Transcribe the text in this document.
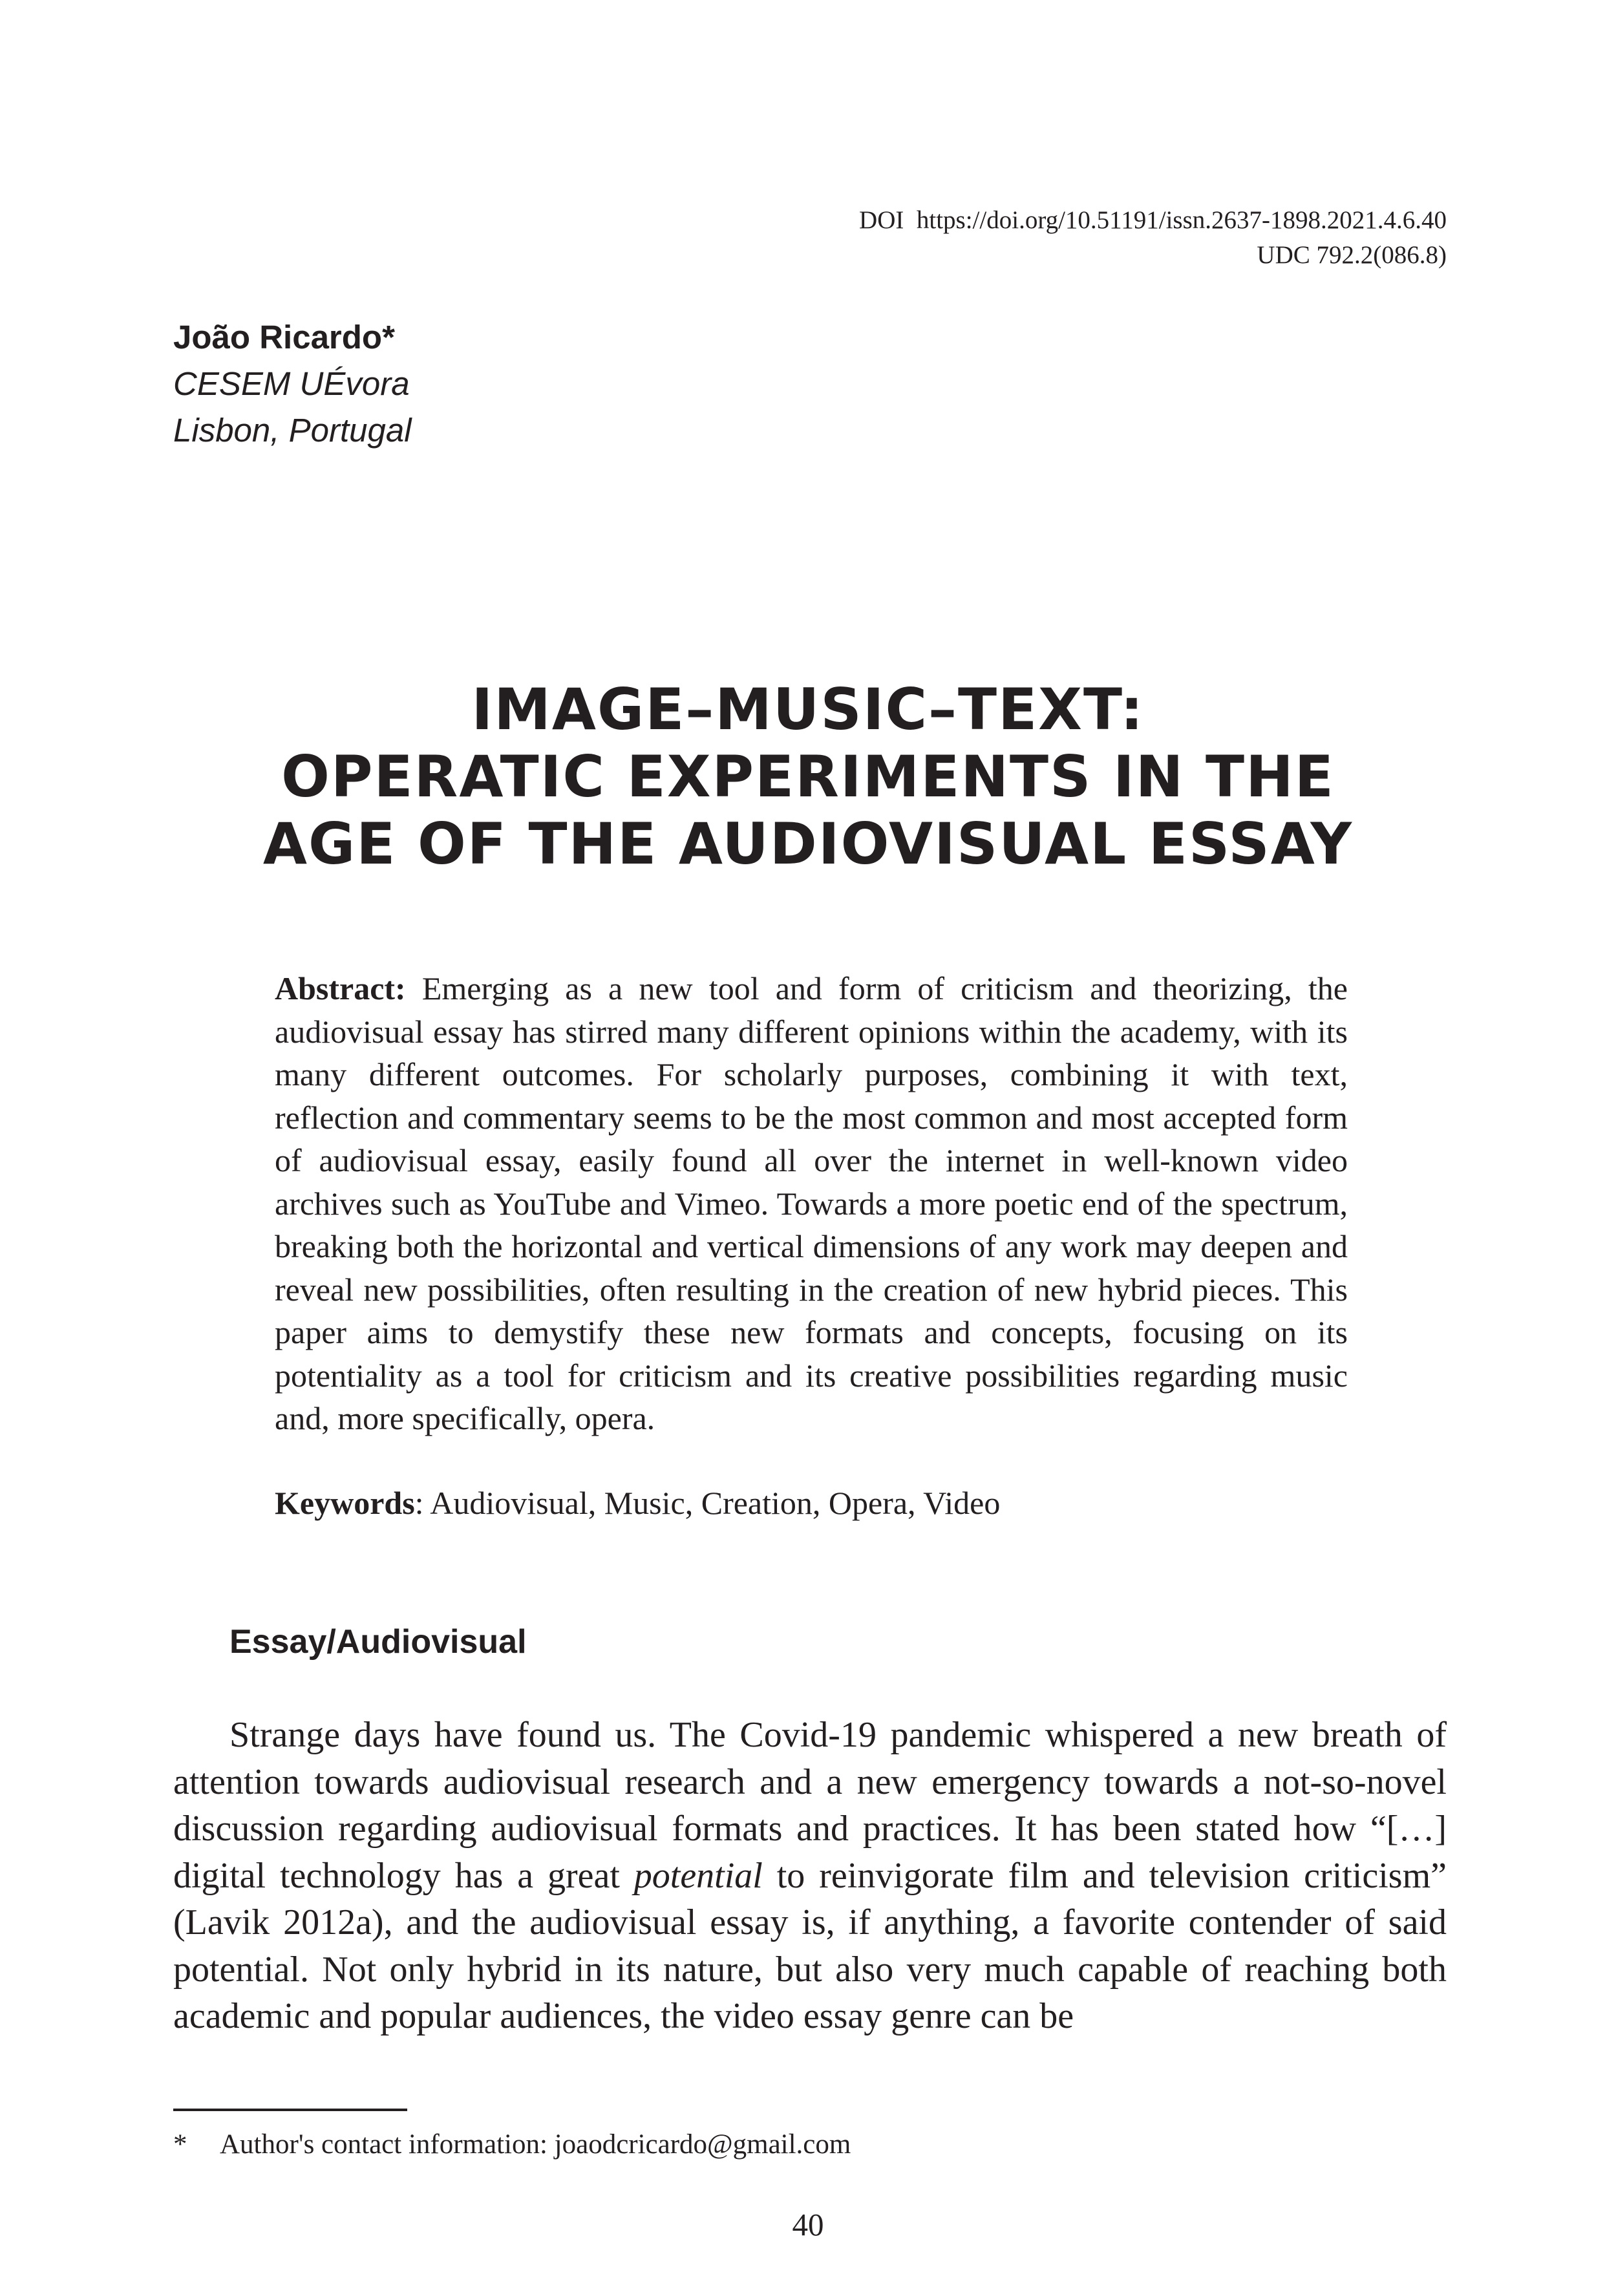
DOI https://doi.org/10.51191/issn.2637-1898.2021.4.6.40
UDC 792.2(086.8)
João Ricardo*
CESEM UÉvora
Lisbon, Portugal
IMAGE–MUSIC–TEXT:
OPERATIC EXPERIMENTS IN THE
AGE OF THE AUDIOVISUAL ESSAY
Abstract: Emerging as a new tool and form of criticism and theorizing, the audiovisual essay has stirred many different opinions within the academy, with its many different outcomes. For scholarly purposes, combining it with text, reflection and commentary seems to be the most common and most accepted form of audiovisual essay, easily found all over the internet in well-known video archives such as YouTube and Vimeo. Towards a more poetic end of the spectrum, breaking both the horizontal and vertical dimensions of any work may deepen and reveal new possibilities, often resulting in the creation of new hybrid pieces. This paper aims to demystify these new formats and concepts, focusing on its potentiality as a tool for criticism and its creative possibilities regarding music and, more specifically, opera.
Keywords: Audiovisual, Music, Creation, Opera, Video
Essay/Audiovisual

Strange days have found us. The Covid-19 pandemic whispered a new breath of attention towards audiovisual research and a new emergency towards a not-so-novel discussion regarding audiovisual formats and practices. It has been stated how “[…] digital technology has a great potential to reinvigorate film and television criticism” (Lavik 2012a), and the audiovisual essay is, if anything, a favorite contender of said potential. Not only hybrid in its nature, but also very much capable of reaching both academic and popular audiences, the video essay genre can be

* Author's contact information: joaodcricardo@gmail.com
40
